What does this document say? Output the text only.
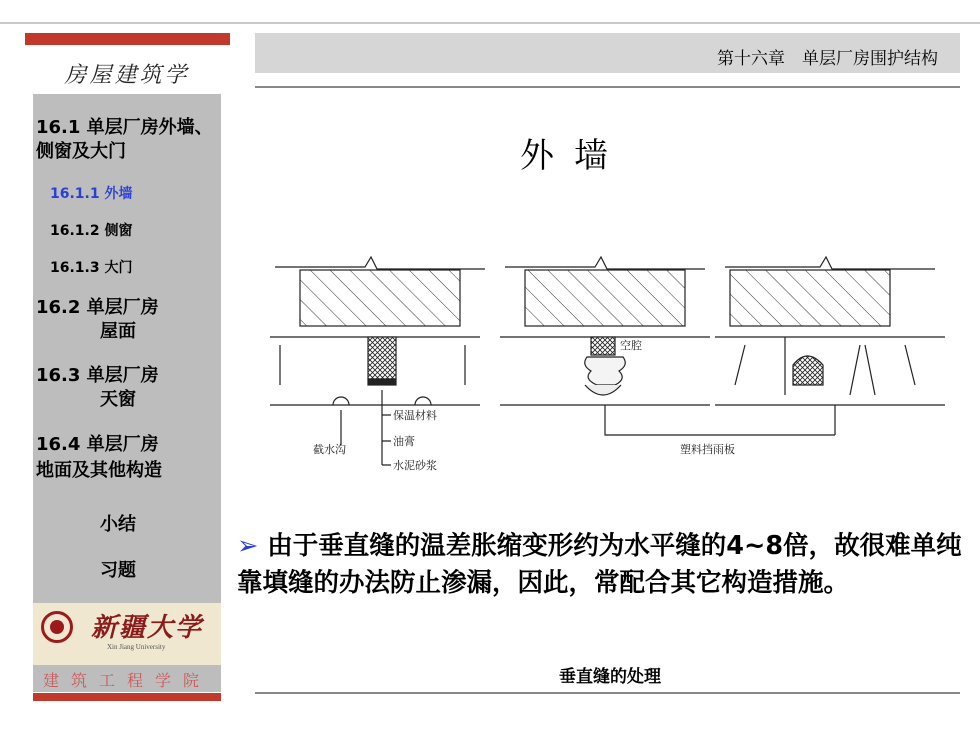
房屋建筑学
16.1 单层厂房外墙、侧窗及大门
16.1.1 外墙
16.1.2 侧窗
16.1.3 大门
16.2 单层厂房
屋面
16.3 单层厂房
天窗
16.4 单层厂房
地面及其他构造
小结
习题
新疆大学
Xin Jiang University
建筑工程学院
第十六章　单层厂房围护结构
外墙
空腔
保温材料
油膏
水泥砂浆
截水沟	塑料挡雨板
➢ 由于垂直缝的温差胀缩变形约为水平缝的4~8倍，故很难单纯靠填缝的办法防止渗漏，因此，常配合其它构造措施。
垂直缝的处理
